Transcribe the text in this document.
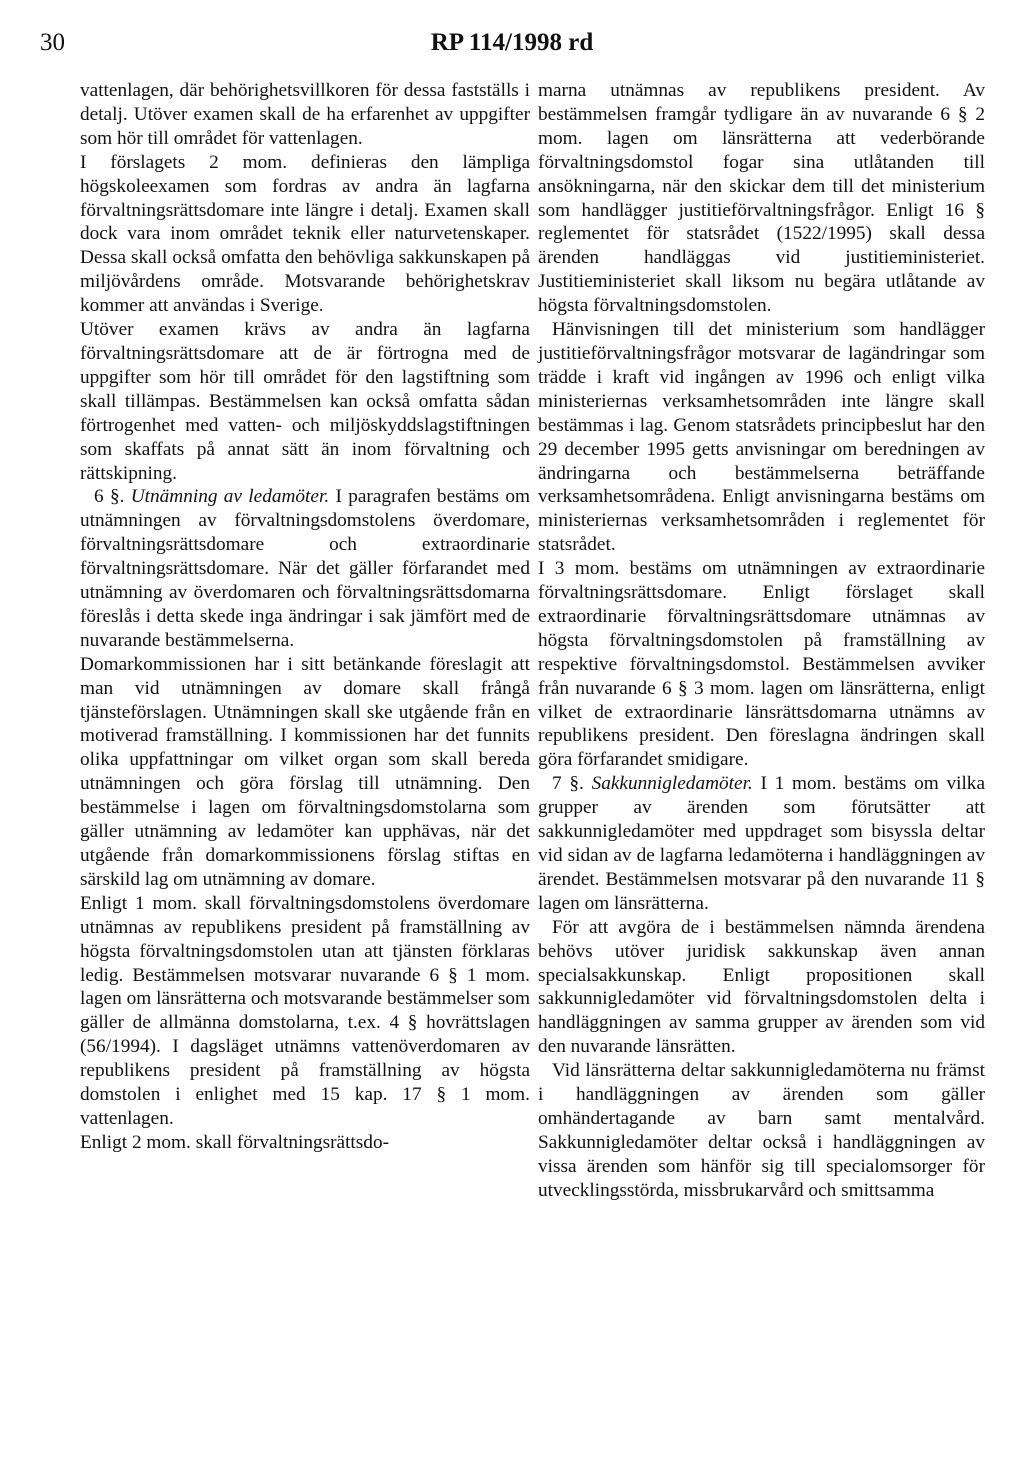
30	RP 114/1998 rd

vattenlagen, där behörighetsvillkoren för dessa fastställs i detalj. Utöver examen skall de ha erfarenhet av uppgifter som hör till området för vattenlagen.

I förslagets 2 mom. definieras den lämpliga högskoleexamen som fordras av andra än lagfarna förvaltningsrättsdomare inte längre i detalj. Examen skall dock vara inom området teknik eller naturvetenskaper. Dessa skall också omfatta den behövliga sakkunskapen på miljövårdens område. Motsvarande behörighetskrav kommer att användas i Sverige.

Utöver examen krävs av andra än lagfarna förvaltningsrättsdomare att de är förtrogna med de uppgifter som hör till området för den lagstiftning som skall tillämpas. Bestämmelsen kan också omfatta sådan förtrogenhet med vatten- och miljöskyddslagstiftningen som skaffats på annat sätt än inom förvaltning och rättskipning.

6 §. Utnämning av ledamöter. I paragrafen bestäms om utnämningen av förvaltningsdomstolens överdomare, förvaltningsrättsdomare och extraordinarie förvaltningsrättsdomare. När det gäller förfarandet med utnämning av överdomaren och förvaltningsrättsdomarna föreslås i detta skede inga ändringar i sak jämfört med de nuvarande bestämmelserna.

Domarkommissionen har i sitt betänkande föreslagit att man vid utnämningen av domare skall frångå tjänsteförslagen. Utnämningen skall ske utgående från en motiverad framställning. I kommissionen har det funnits olika uppfattningar om vilket organ som skall bereda utnämningen och göra förslag till utnämning. Den bestämmelse i lagen om förvaltningsdomstolarna som gäller utnämning av ledamöter kan upphävas, när det utgående från domarkommissionens förslag stiftas en särskild lag om utnämning av domare.

Enligt 1 mom. skall förvaltningsdomstolens överdomare utnämnas av republikens president på framställning av högsta förvaltningsdomstolen utan att tjänsten förklaras ledig. Bestämmelsen motsvarar nuvarande 6 § 1 mom. lagen om länsrätterna och motsvarande bestämmelser som gäller de allmänna domstolarna, t.ex. 4 § hovrättslagen (56/1994). I dagsläget utnämns vattenöverdomaren av republikens president på framställning av högsta domstolen i enlighet med 15 kap. 17 § 1 mom. vattenlagen.

Enligt 2 mom. skall förvaltningsrättsdo-

marna utnämnas av republikens president. Av bestämmelsen framgår tydligare än av nuvarande 6 § 2 mom. lagen om länsrätterna att vederbörande förvaltningsdomstol fogar sina utlåtanden till ansökningarna, när den skickar dem till det ministerium som handlägger justitieförvaltningsfrågor. Enligt 16 § reglementet för statsrådet (1522/1995) skall dessa ärenden handläggas vid justitieministeriet. Justitieministeriet skall liksom nu begära utlåtande av högsta förvaltningsdomstolen.

Hänvisningen till det ministerium som handlägger justitieförvaltningsfrågor motsvarar de lagändringar som trädde i kraft vid ingången av 1996 och enligt vilka ministeriernas verksamhetsområden inte längre skall bestämmas i lag. Genom statsrådets principbeslut har den 29 december 1995 getts anvisningar om beredningen av ändringarna och bestämmelserna beträffande verksamhetsområdena. Enligt anvisningarna bestäms om ministeriernas verksamhetsområden i reglementet för statsrådet.

I 3 mom. bestäms om utnämningen av extraordinarie förvaltningsrättsdomare. Enligt förslaget skall extraordinarie förvaltningsrättsdomare utnämnas av högsta förvaltningsdomstolen på framställning av respektive förvaltningsdomstol. Bestämmelsen avviker från nuvarande 6 § 3 mom. lagen om länsrätterna, enligt vilket de extraordinarie länsrättsdomarna utnämns av republikens president. Den föreslagna ändringen skall göra förfarandet smidigare.

7 §. Sakkunnigledamöter. I 1 mom. bestäms om vilka grupper av ärenden som förutsätter att sakkunnigledamöter med uppdraget som bisyssla deltar vid sidan av de lagfarna ledamöterna i handläggningen av ärendet. Bestämmelsen motsvarar på den nuvarande 11 § lagen om länsrätterna.

För att avgöra de i bestämmelsen nämnda ärendena behövs utöver juridisk sakkunskap även annan specialsakkunskap. Enligt propositionen skall sakkunnigledamöter vid förvaltningsdomstolen delta i handläggningen av samma grupper av ärenden som vid den nuvarande länsrätten.

Vid länsrätterna deltar sakkunnigledamöterna nu främst i handläggningen av ärenden som gäller omhändertagande av barn samt mentalvård. Sakkunnigledamöter deltar också i handläggningen av vissa ärenden som hänför sig till specialomsorger för utvecklingsstörda, missbrukarvård och smittsamma
